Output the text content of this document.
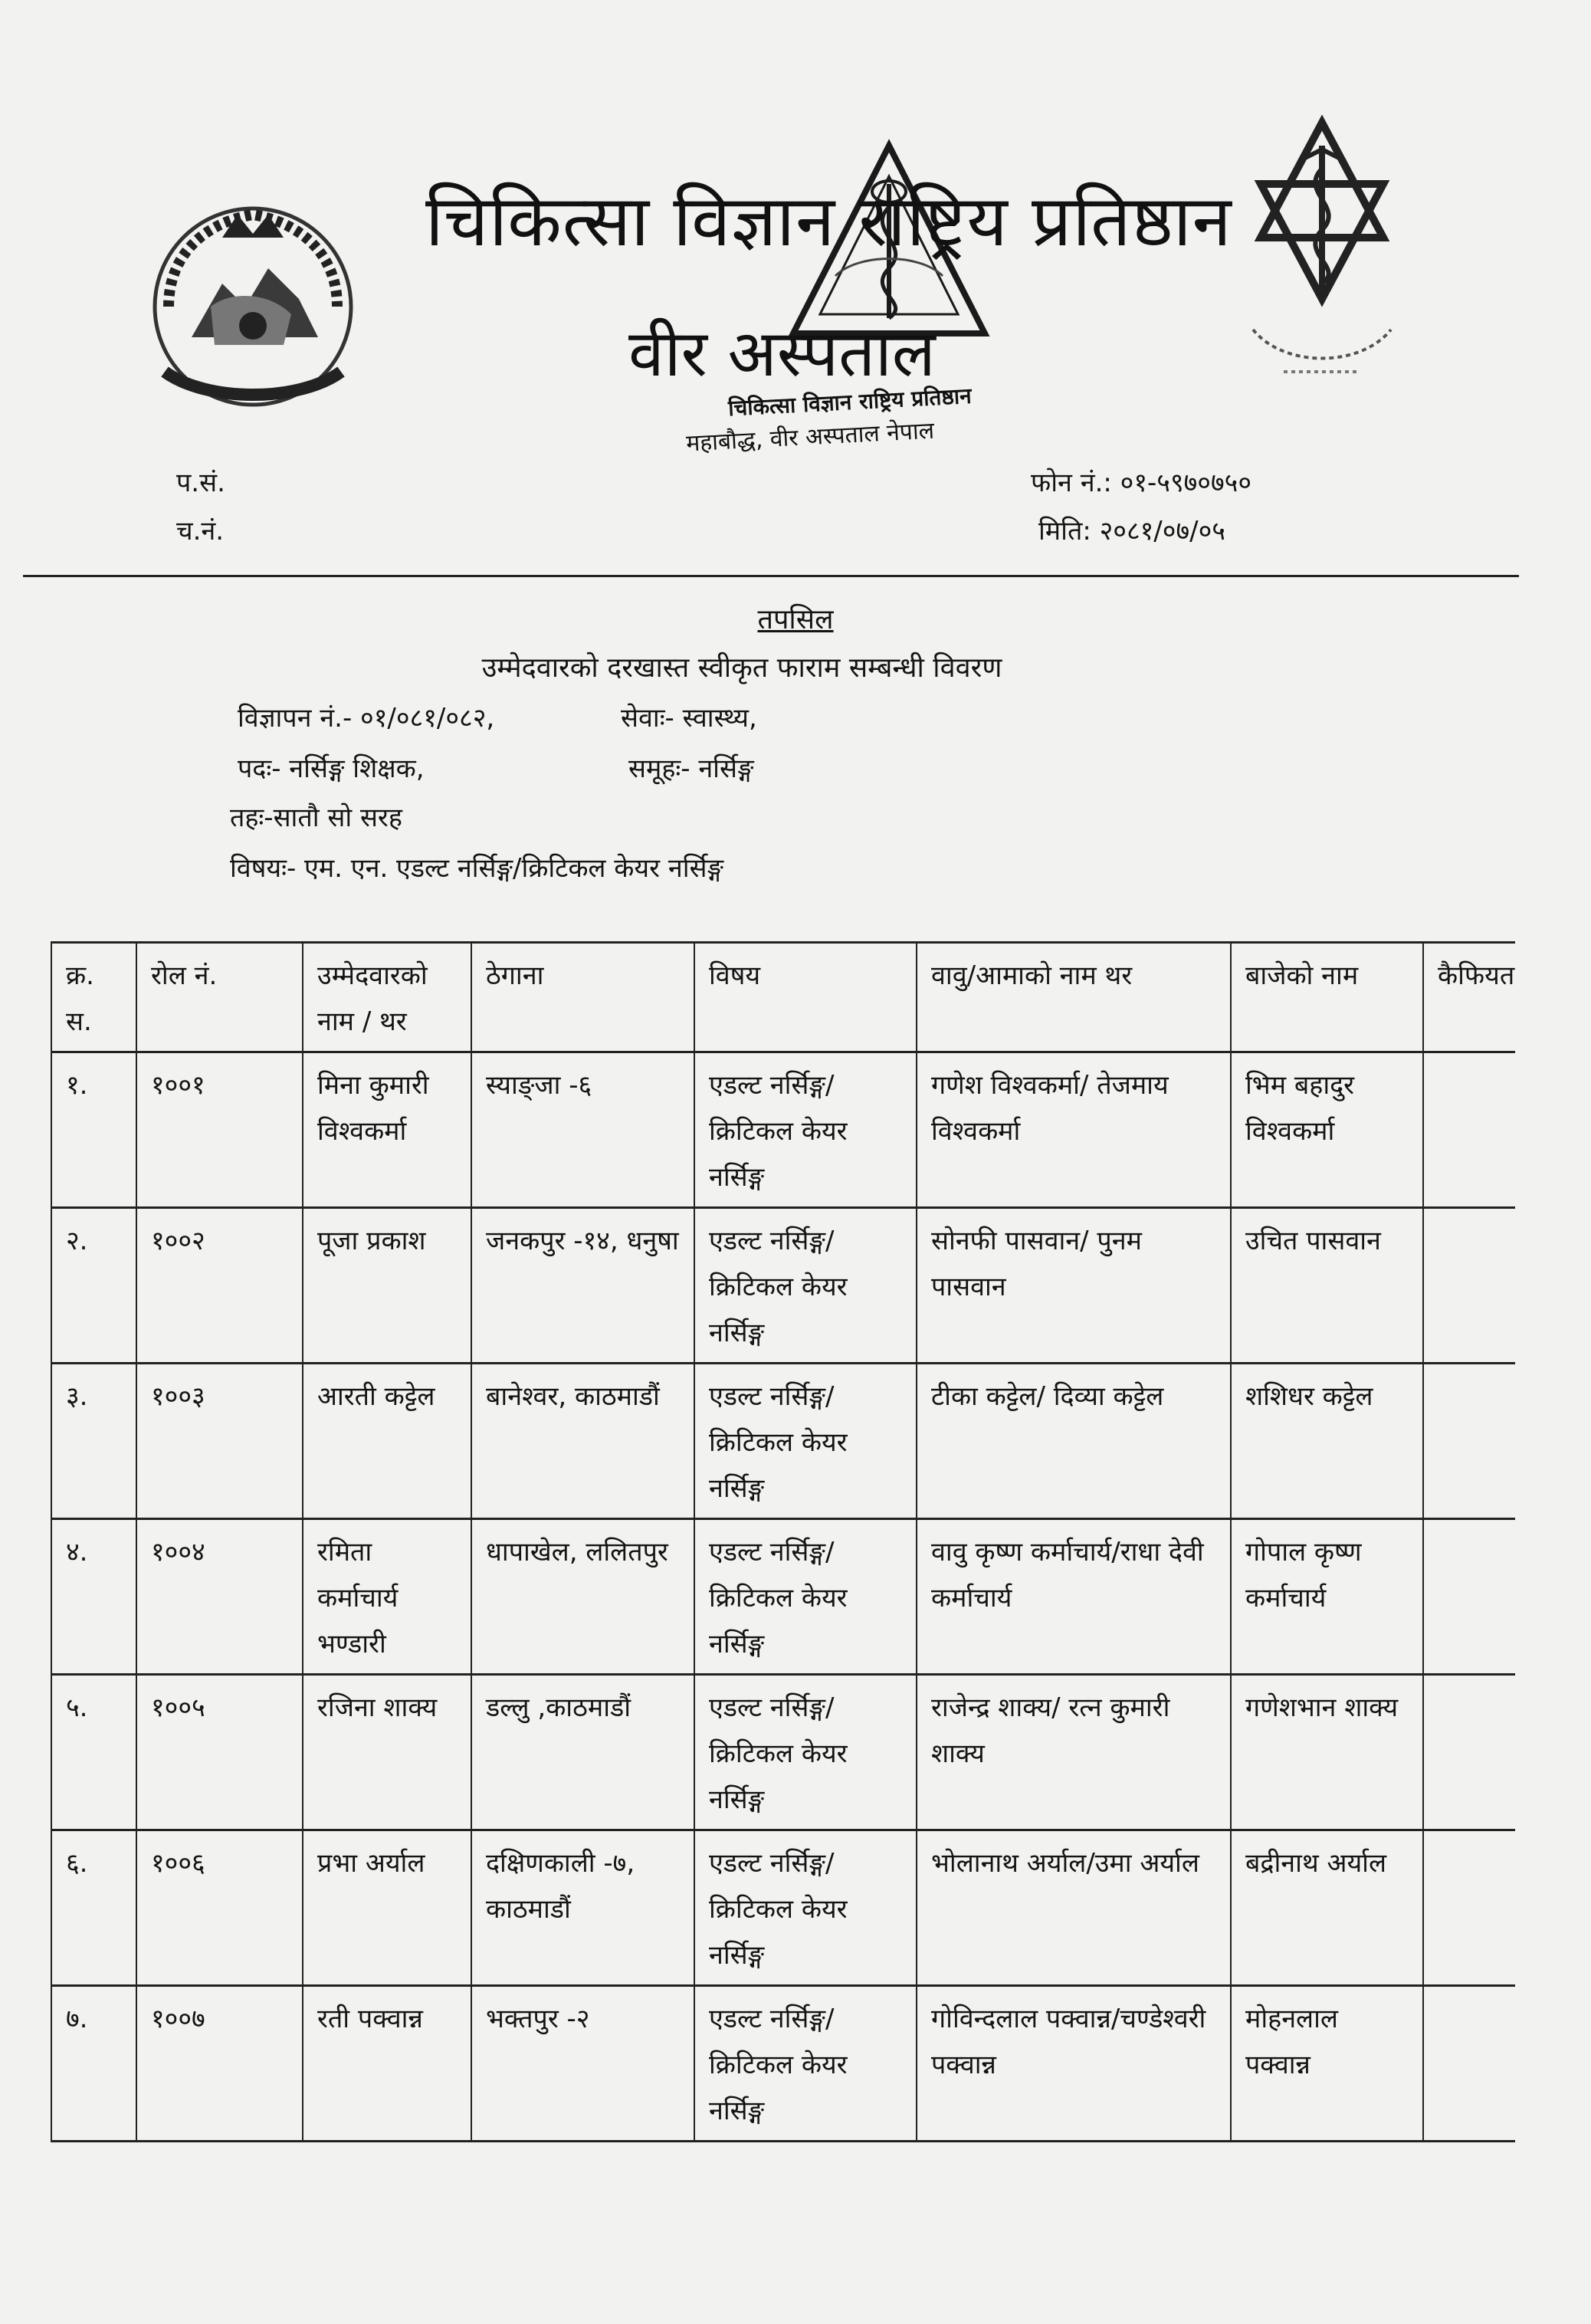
चिकित्सा विज्ञान राष्ट्रिय प्रतिष्ठान
वीर अस्पताल
चिकित्सा विज्ञान राष्ट्रिय प्रतिष्ठान
महाबौद्ध, वीर अस्पताल नेपाल
प.सं.
च.नं.
फोन नं.: ०१-५९७०७५०
मिति: २०८१/०७/०५
तपसिल
उम्मेदवारको दरखास्त स्वीकृत फाराम सम्बन्धी विवरण
विज्ञापन नं.- ०१/०८१/०८२,	सेवाः- स्वास्थ्य,
पदः- नर्सिङ्ग शिक्षक,	समूहः- नर्सिङ्ग
तहः-सातौ सो सरह
विषयः- एम. एन. एडल्ट नर्सिङ्ग/क्रिटिकल केयर नर्सिङ्ग
क्र. स.	रोल नं.	उम्मेदवारको नाम / थर	ठेगाना	विषय	वावु/आमाको नाम थर	बाजेको नाम	कैफियत
१.	१००१	मिना कुमारी विश्वकर्मा	स्याङ्जा -६	एडल्ट नर्सिङ्ग/ क्रिटिकल केयर नर्सिङ्ग	गणेश विश्वकर्मा/ तेजमाय विश्वकर्मा	भिम बहादुर विश्वकर्मा	
२.	१००२	पूजा प्रकाश	जनकपुर -१४, धनुषा	एडल्ट नर्सिङ्ग/ क्रिटिकल केयर नर्सिङ्ग	सोनफी पासवान/ पुनम पासवान	उचित पासवान	
३.	१००३	आरती कट्टेल	बानेश्वर, काठमाडौं	एडल्ट नर्सिङ्ग/ क्रिटिकल केयर नर्सिङ्ग	टीका कट्टेल/ दिव्या कट्टेल	शशिधर कट्टेल	
४.	१००४	रमिता कर्माचार्य भण्डारी	धापाखेल, ललितपुर	एडल्ट नर्सिङ्ग/ क्रिटिकल केयर नर्सिङ्ग	वावु कृष्ण कर्माचार्य/राधा देवी कर्माचार्य	गोपाल कृष्ण कर्माचार्य	
५.	१००५	रजिना शाक्य	डल्लु ,काठमाडौं	एडल्ट नर्सिङ्ग/ क्रिटिकल केयर नर्सिङ्ग	राजेन्द्र शाक्य/ रत्न कुमारी शाक्य	गणेशभान शाक्य	
६.	१००६	प्रभा अर्याल	दक्षिणकाली -७, काठमाडौं	एडल्ट नर्सिङ्ग/ क्रिटिकल केयर नर्सिङ्ग	भोलानाथ अर्याल/उमा अर्याल	बद्रीनाथ अर्याल	
७.	१००७	रती पक्वान्न	भक्तपुर -२	एडल्ट नर्सिङ्ग/ क्रिटिकल केयर नर्सिङ्ग	गोविन्दलाल पक्वान्न/चण्डेश्वरी पक्वान्न	मोहनलाल पक्वान्न	
